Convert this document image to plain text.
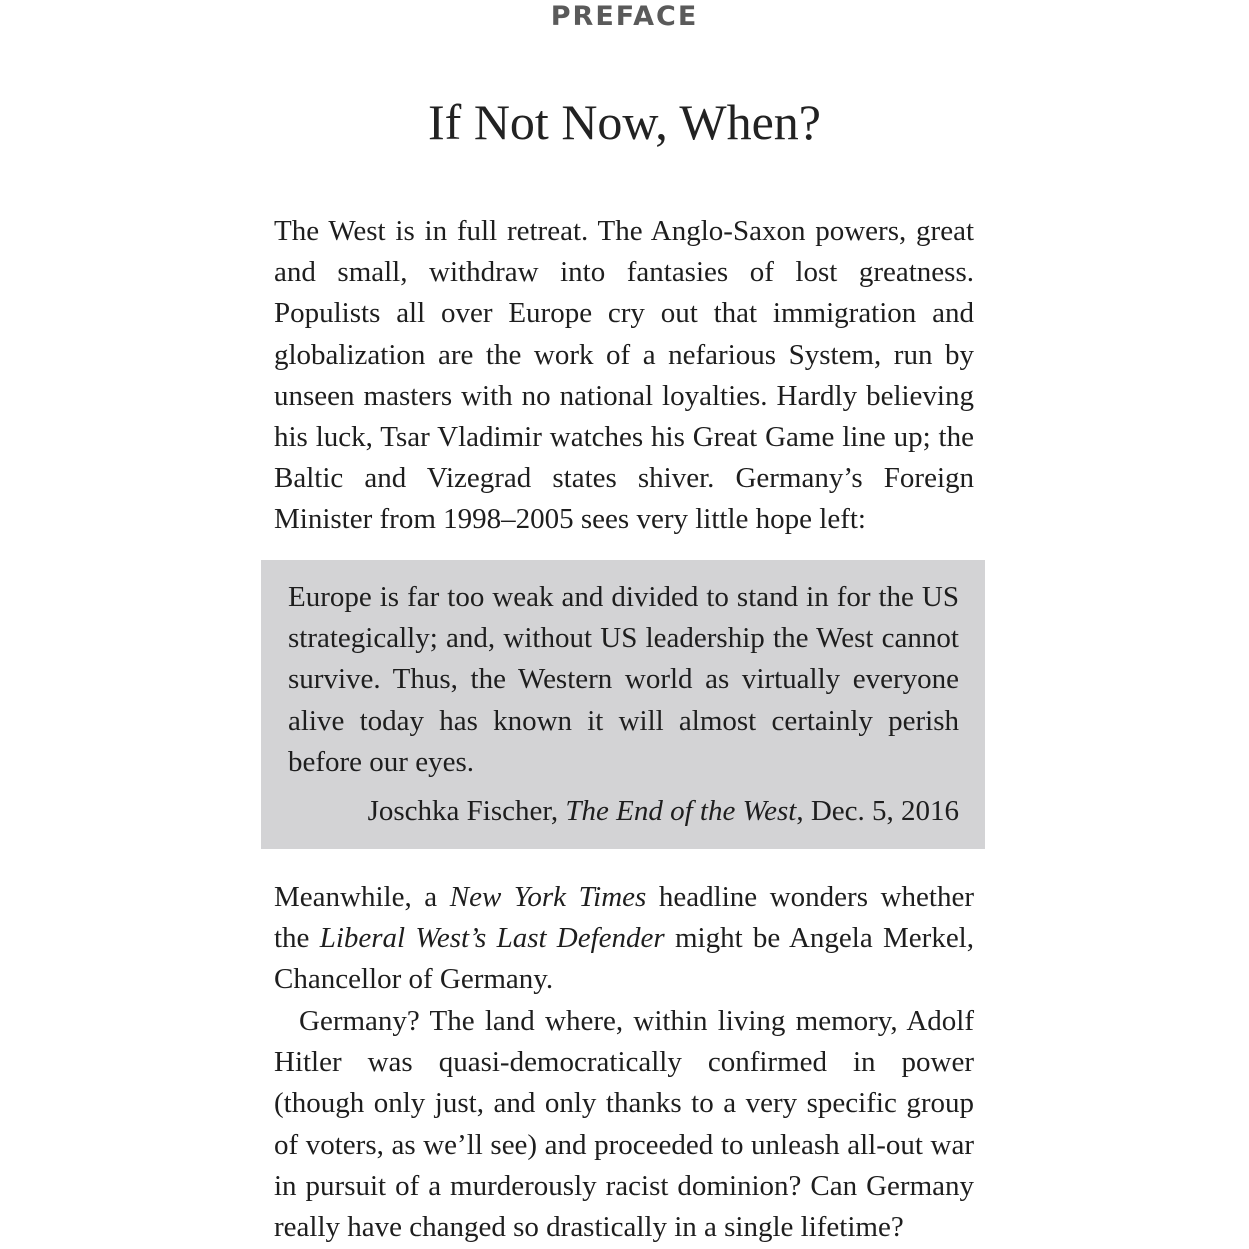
PREFACE
If Not Now, When?

The West is in full retreat. The Anglo-Saxon powers, great and small, withdraw into fantasies of lost greatness. Populists all over Europe cry out that immigration and globalization are the work of a nefarious System, run by unseen masters with no national loyalties. Hardly believing his luck, Tsar Vladimir watches his Great Game line up; the Baltic and Vizegrad states shiver. Germany’s Foreign Minister from 1998–2005 sees very little hope left:

Europe is far too weak and divided to stand in for the US strategically; and, without US leadership the West cannot survive. Thus, the Western world as virtually everyone alive today has known it will almost certainly perish before our eyes.

Joschka Fischer, The End of the West, Dec. 5, 2016

Meanwhile, a New York Times headline wonders whether the Liberal West’s Last Defender might be Angela Merkel, Chancellor of Germany.

Germany? The land where, within living memory, Adolf Hitler was quasi-democratically confirmed in power (though only just, and only thanks to a very specific group of voters, as we’ll see) and proceeded to unleash all-out war in pursuit of a murderously racist dominion? Can Germany really have changed so drastically in a single lifetime?
